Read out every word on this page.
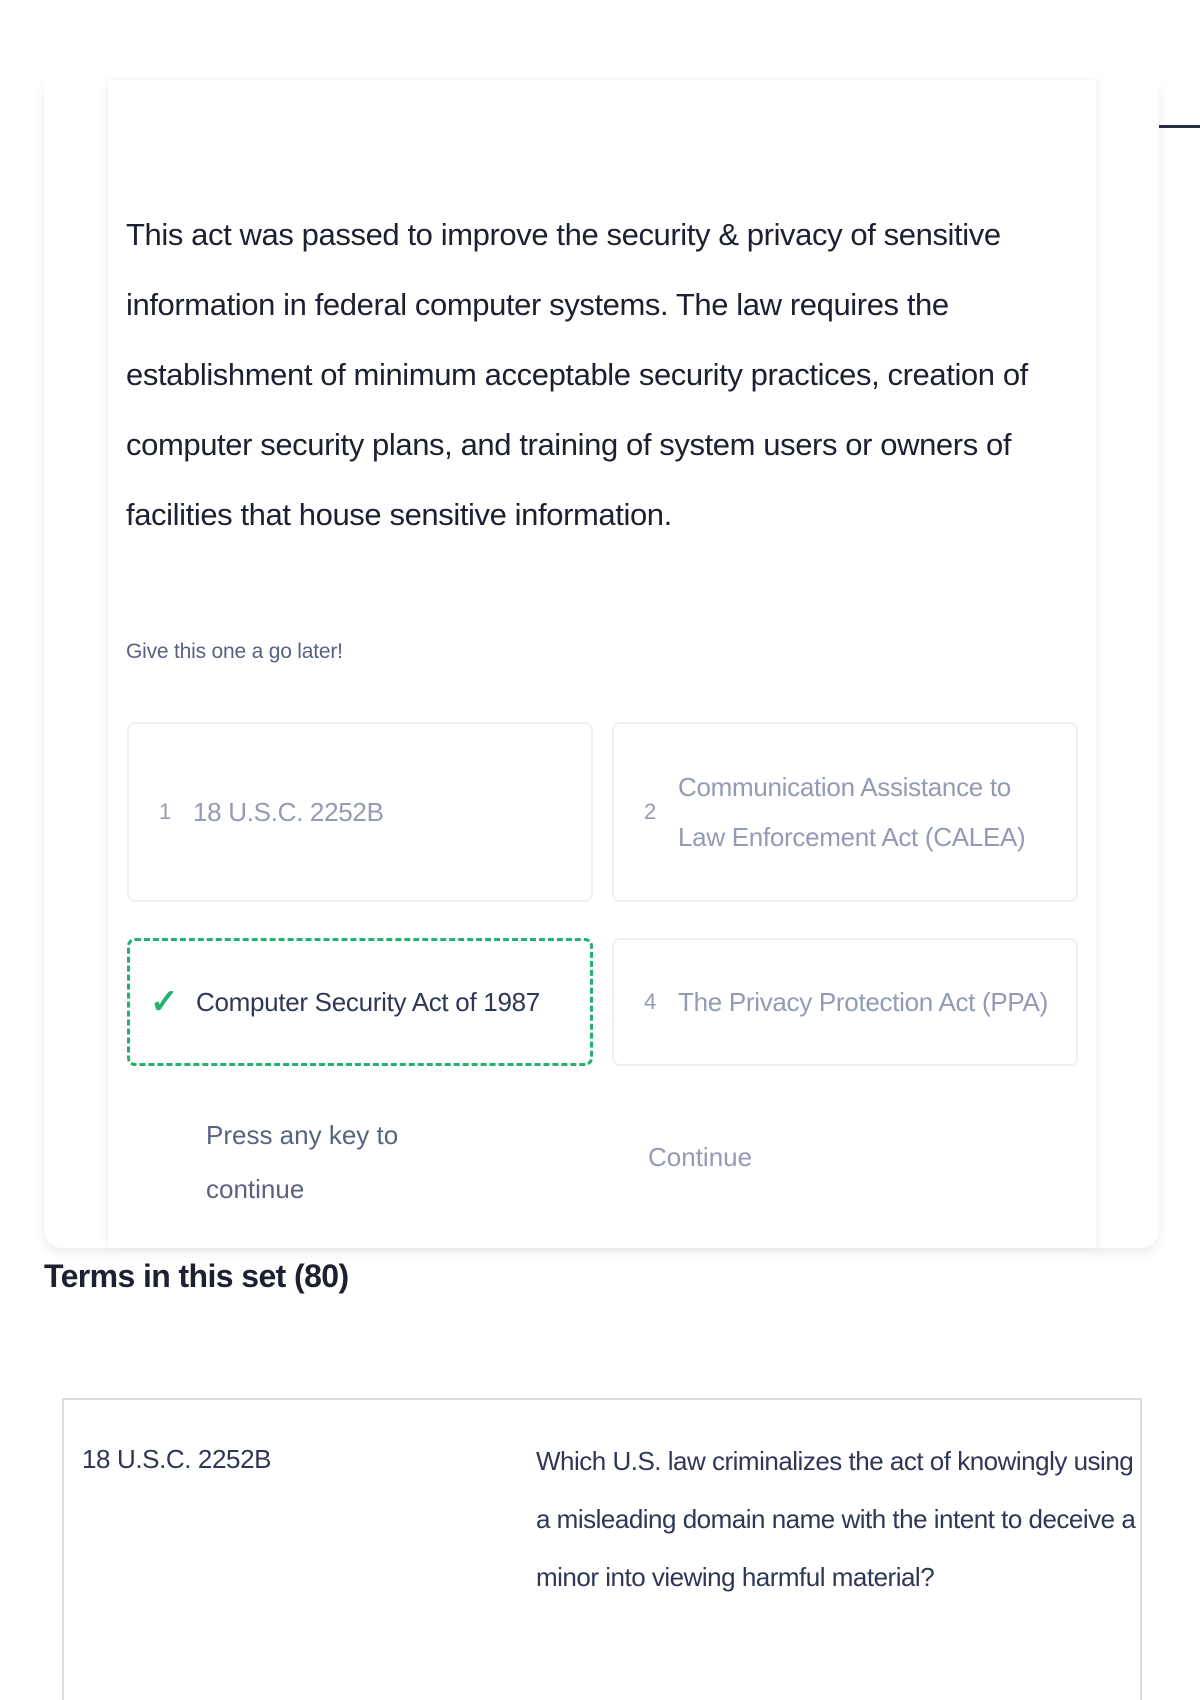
This act was passed to improve the security & privacy of sensitive information in federal computer systems. The law requires the establishment of minimum acceptable security practices, creation of computer security plans, and training of system users or owners of facilities that house sensitive information.
Give this one a go later!
1 18 U.S.C. 2252B	2
Communication Assistance to Law Enforcement Act (CALEA)
✓ Computer Security Act of 1987	4 The Privacy Protection Act (PPA)
Press any key to continue
Continue
Terms in this set (80)
18 U.S.C. 2252B	Which U.S. law criminalizes the act of knowingly using a misleading domain name with the intent to deceive a minor into viewing harmful material?
